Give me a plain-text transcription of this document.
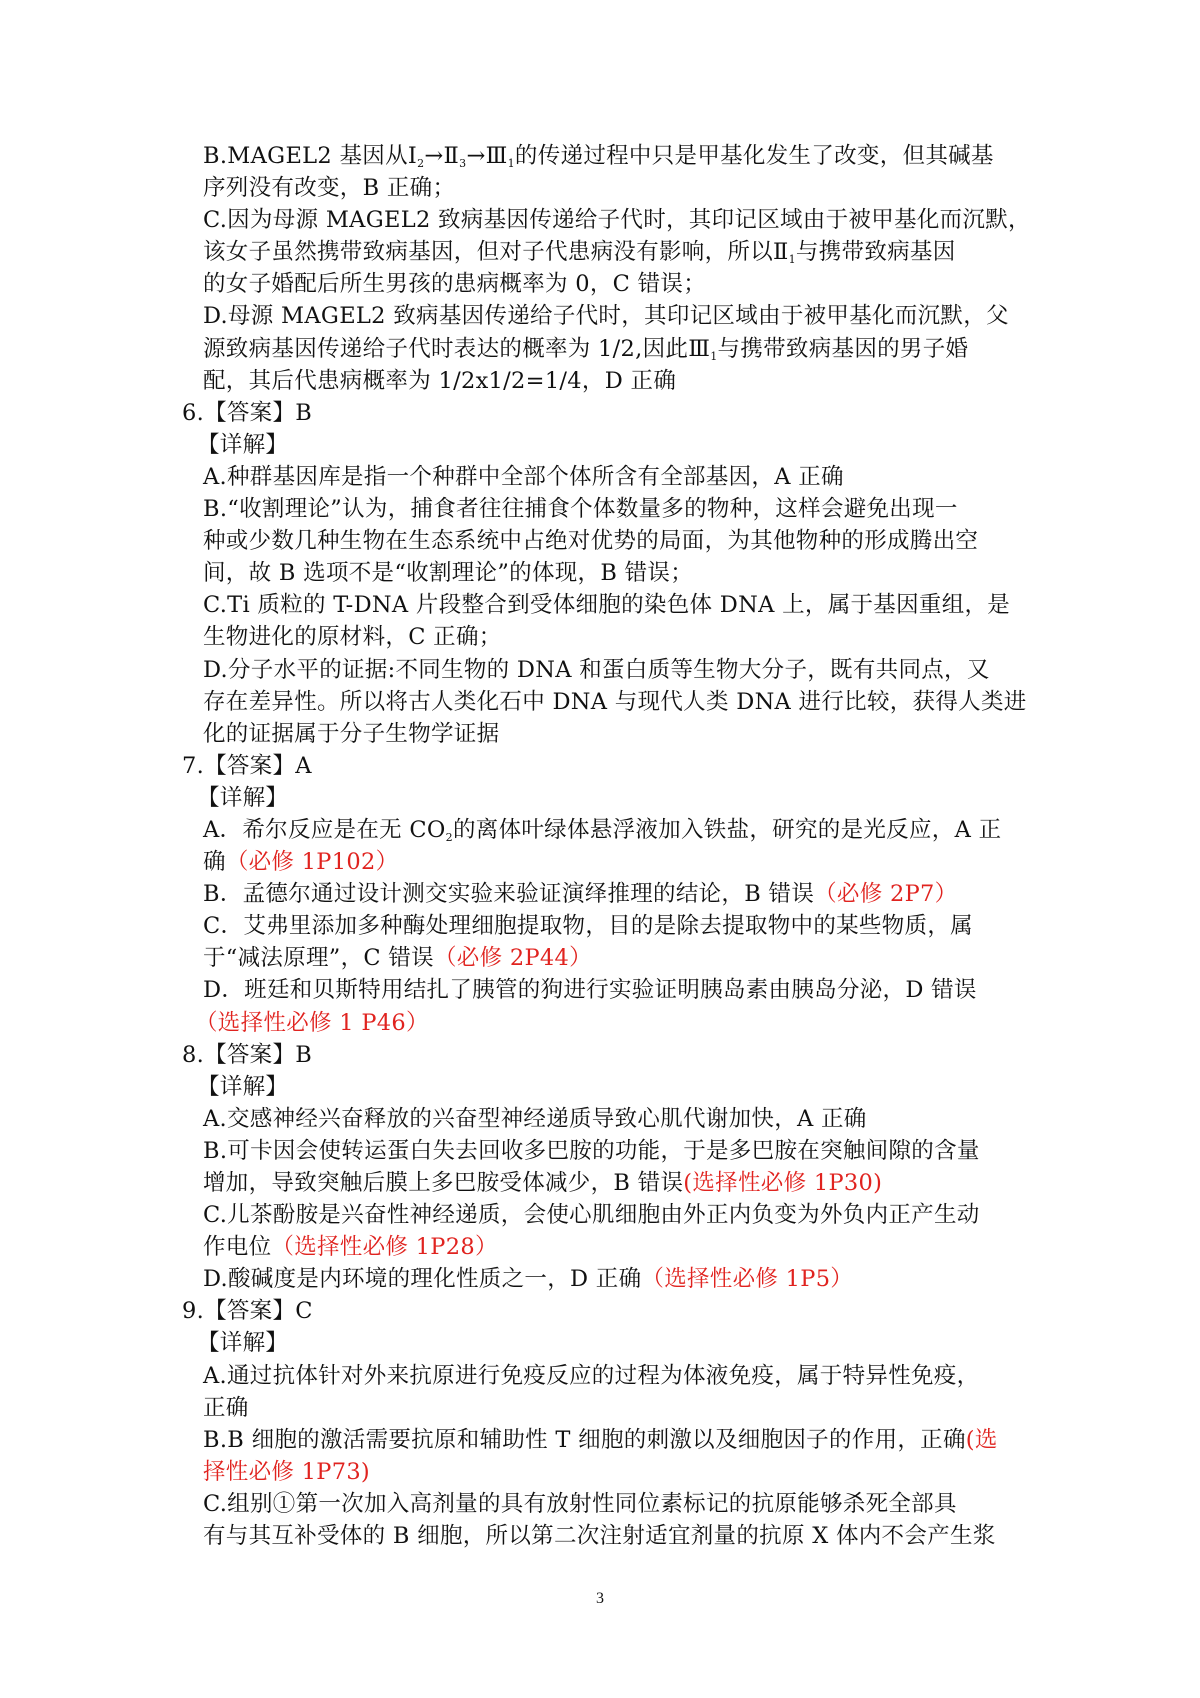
B.MAGEL2 基因从$Ⅰ_2\to Ⅱ_3\to Ⅲ_1$的传递过程中只是甲基化发生了改变，但其碱基
序列没有改变，B 正确；
C.因为母源 MAGEL2 致病基因传递给子代时，其印记区域由于被甲基化而沉默，
该女子虽然携带致病基因，但对子代患病没有影响，所以$Ⅱ_1$与携带致病基因
的女子婚配后所生男孩的患病概率为 0，C 错误；
D.母源 MAGEL2 致病基因传递给子代时，其印记区域由于被甲基化而沉默，父
源致病基因传递给子代时表达的概率为 1/2,因此$Ⅲ_1$与携带致病基因的男子婚
配，其后代患病概率为 1/2x1/2=1/4，D 正确
6.【答案】B
【详解】
A.种群基因库是指一个种群中全部个体所含有全部基因，A 正确
B.“收割理论”认为，捕食者往往捕食个体数量多的物种，这样会避免出现一
种或少数几种生物在生态系统中占绝对优势的局面，为其他物种的形成腾出空
间，故 B 选项不是“收割理论”的体现，B 错误；
C.Ti 质粒的 T-DNA 片段整合到受体细胞的染色体 DNA 上，属于基因重组，是
生物进化的原材料，C 正确；
D.分子水平的证据:不同生物的 DNA 和蛋白质等生物大分子，既有共同点，又
存在差异性。所以将古人类化石中 DNA 与现代人类 DNA 进行比较，获得人类进
化的证据属于分子生物学证据
7.【答案】A
【详解】
A．希尔反应是在无 $CO_2$的离体叶绿体悬浮液加入铁盐，研究的是光反应，A 正
确（必修 1P102）
B．孟德尔通过设计测交实验来验证演绎推理的结论，B 错误（必修 2P7）
C．艾弗里添加多种酶处理细胞提取物，目的是除去提取物中的某些物质，属
于“减法原理”，C 错误（必修 2P44）
D．班廷和贝斯特用结扎了胰管的狗进行实验证明胰岛素由胰岛分泌，D 错误
（选择性必修 1 P46）
8.【答案】B
【详解】
A.交感神经兴奋释放的兴奋型神经递质导致心肌代谢加快，A 正确
B.可卡因会使转运蛋白失去回收多巴胺的功能，于是多巴胺在突触间隙的含量
增加，导致突触后膜上多巴胺受体减少，B 错误(选择性必修 1P30)
C.儿茶酚胺是兴奋性神经递质，会使心肌细胞由外正内负变为外负内正产生动
作电位（选择性必修 1P28）
D.酸碱度是内环境的理化性质之一，D 正确（选择性必修 1P5）
9.【答案】C
【详解】
A.通过抗体针对外来抗原进行免疫反应的过程为体液免疫，属于特异性免疫，
正确
B.B 细胞的激活需要抗原和辅助性 T 细胞的刺激以及细胞因子的作用，正确(选
择性必修 1P73)
C.组别①第一次加入高剂量的具有放射性同位素标记的抗原能够杀死全部具
有与其互补受体的 B 细胞，所以第二次注射适宜剂量的抗原 X 体内不会产生浆
3
